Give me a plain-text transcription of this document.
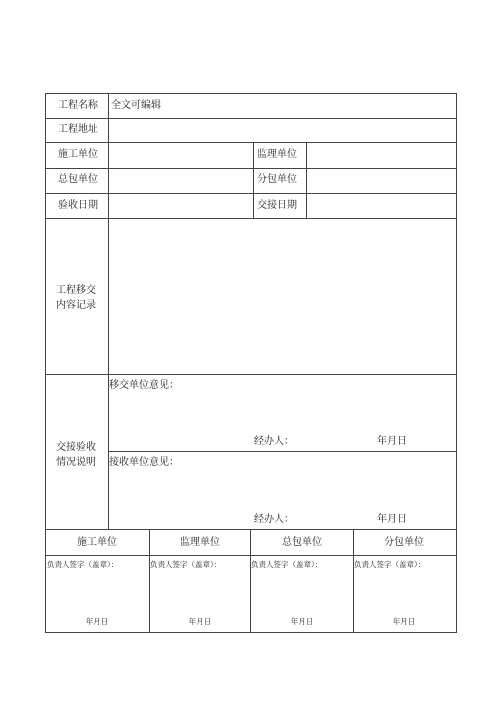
工程名称 全文可编辑
工程地址
施工单位	监理单位
总包单位	分包单位
验收日期	交接日期
工程移交内容记录
交接验收情况说明
移交单位意见：
经办人：	年月日
接收单位意见：
经办人：	年月日
施工单位	监理单位	总包单位	分包单位
负责人签字（盖章）：	负责人签字（盖章）：	负责人签字（盖章）：	负责人签字（盖章）：
年月日	年月日	年月日	年月日
